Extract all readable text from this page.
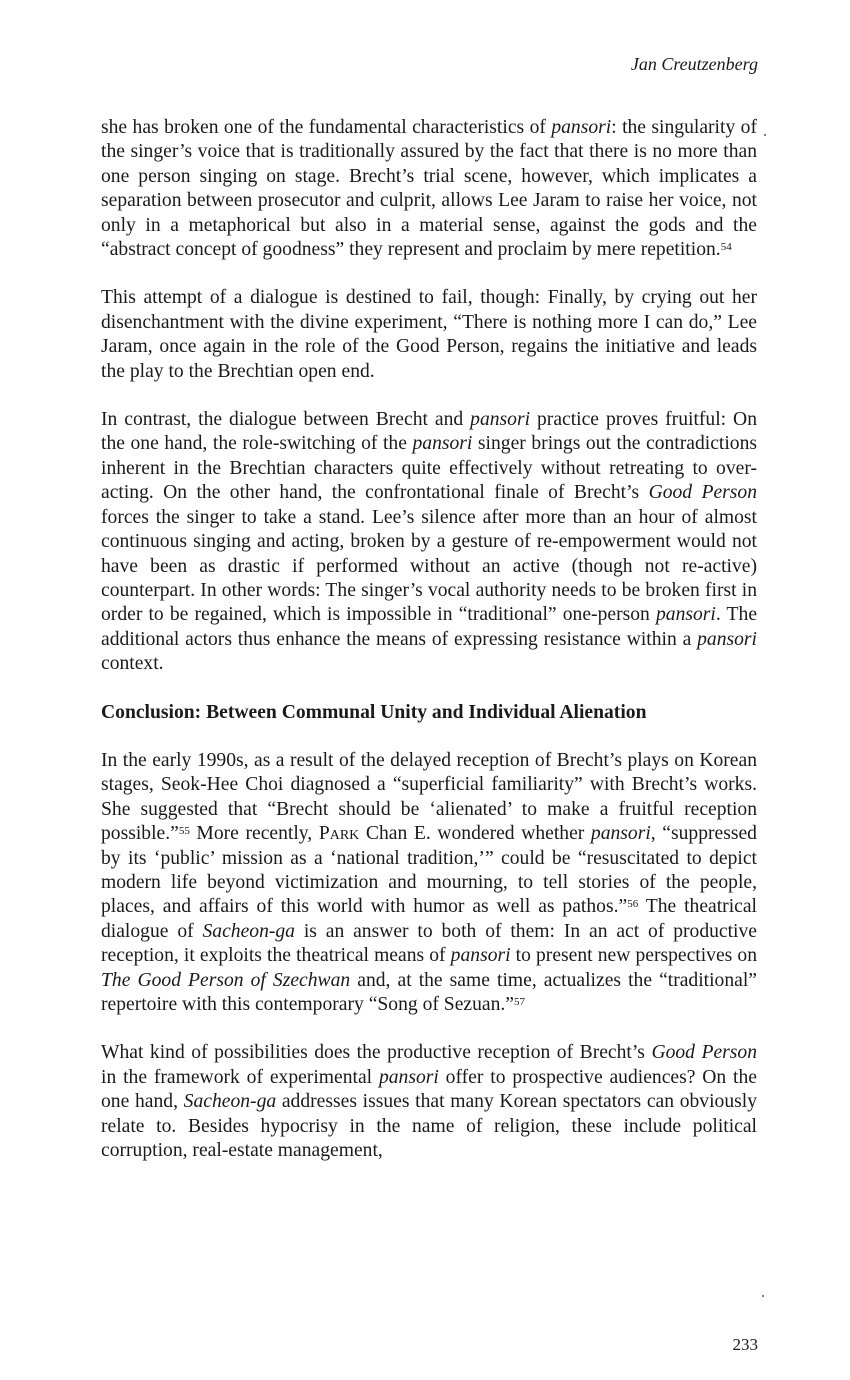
Jan Creutzenberg

she has broken one of the fundamental characteristics of pansori: the singularity of the singer’s voice that is traditionally assured by the fact that there is no more than one person singing on stage. Brecht’s trial scene, however, which implicates a separation between prosecutor and culprit, allows Lee Jaram to raise her voice, not only in a metaphorical but also in a material sense, against the gods and the “abstract concept of goodness” they represent and proclaim by mere repetition.$^{54}$

This attempt of a dialogue is destined to fail, though: Finally, by crying out her disenchantment with the divine experiment, “There is nothing more I can do,” Lee Jaram, once again in the role of the Good Person, regains the initiative and leads the play to the Brechtian open end.

In contrast, the dialogue between Brecht and pansori practice proves fruitful: On the one hand, the role-switching of the pansori singer brings out the contradictions inherent in the Brechtian characters quite effectively without retreating to over-acting. On the other hand, the confrontational finale of Brecht’s Good Person forces the singer to take a stand. Lee’s silence after more than an hour of almost continuous singing and acting, broken by a gesture of re-empowerment would not have been as drastic if performed without an active (though not re-active) counterpart. In other words: The singer’s vocal authority needs to be broken first in order to be regained, which is impossible in “traditional” one-person pansori. The additional actors thus enhance the means of expressing resistance within a pansori context.

Conclusion: Between Communal Unity and Individual Alienation

In the early 1990s, as a result of the delayed reception of Brecht’s plays on Korean stages, Seok-Hee Choi diagnosed a “superficial familiarity” with Brecht’s works. She suggested that “Brecht should be ‘alienated’ to make a fruitful reception possible.”$^{55}$ More recently, Park Chan E. wondered whether pansori, “suppressed by its ‘public’ mission as a ‘national tradition,’” could be “resuscitated to depict modern life beyond victimization and mourning, to tell stories of the people, places, and affairs of this world with humor as well as pathos.”$^{56}$ The theatrical dialogue of Sacheon-ga is an answer to both of them: In an act of productive reception, it exploits the theatrical means of pansori to present new perspectives on The Good Person of Szechwan and, at the same time, actualizes the “traditional” repertoire with this contemporary “Song of Sezuan.”$^{57}$

What kind of possibilities does the productive reception of Brecht’s Good Person in the framework of experimental pansori offer to prospective audiences? On the one hand, Sacheon-ga addresses issues that many Korean spectators can obviously relate to. Besides hypocrisy in the name of religion, these include political corruption, real-estate management,

233
